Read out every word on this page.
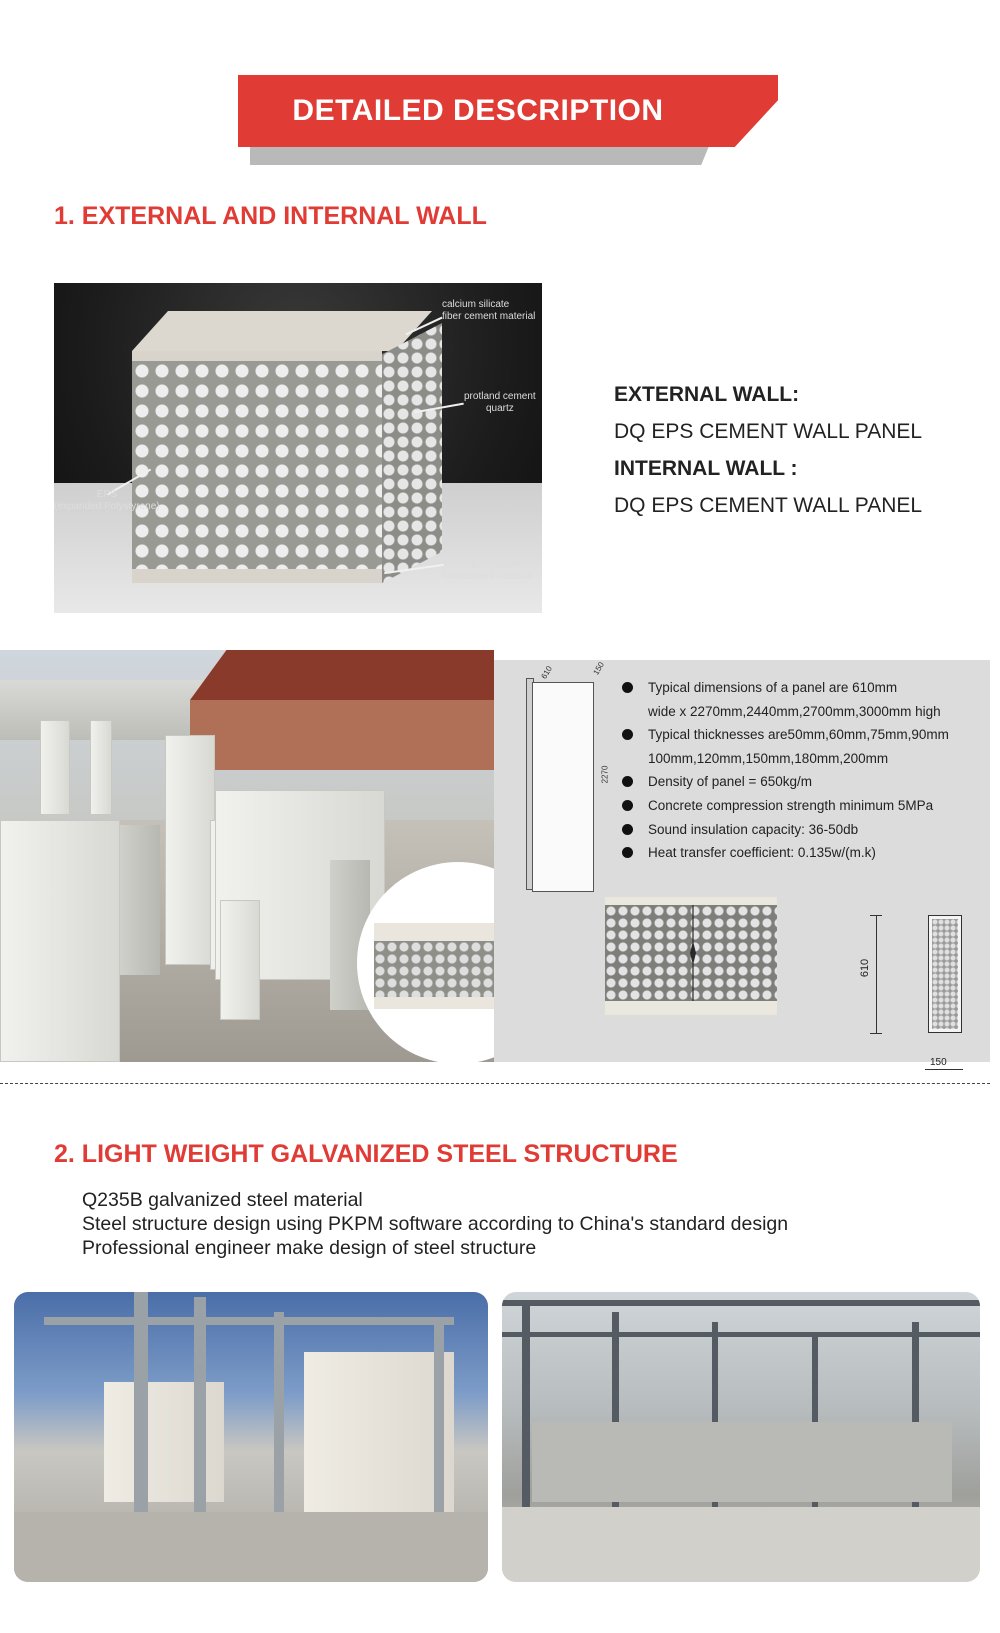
DETAILED DESCRIPTION
1. EXTERNAL AND INTERNAL WALL
calcium silicate
fiber cement material
protland cement
quartz
EPS
(expanded Polystyrene)
calcium silicate
fibercement material
EXTERNAL WALL:
DQ EPS CEMENT WALL PANEL
INTERNAL WALL :
DQ EPS CEMENT WALL PANEL
610	150
2270
Typical dimensions of a panel are 610mm
wide x 2270mm,2440mm,2700mm,3000mm high
Typical thicknesses are50mm,60mm,75mm,90mm
100mm,120mm,150mm,180mm,200mm
Density of panel = 650kg/m
Concrete compression strength minimum 5MPa
Sound insulation capacity: 36-50db
Heat transfer coefficient: 0.135w/(m.k)
610
150
2. LIGHT WEIGHT GALVANIZED STEEL STRUCTURE
Q235B galvanized steel material
Steel structure design using PKPM software according to China's standard design
Professional engineer make design of steel structure
